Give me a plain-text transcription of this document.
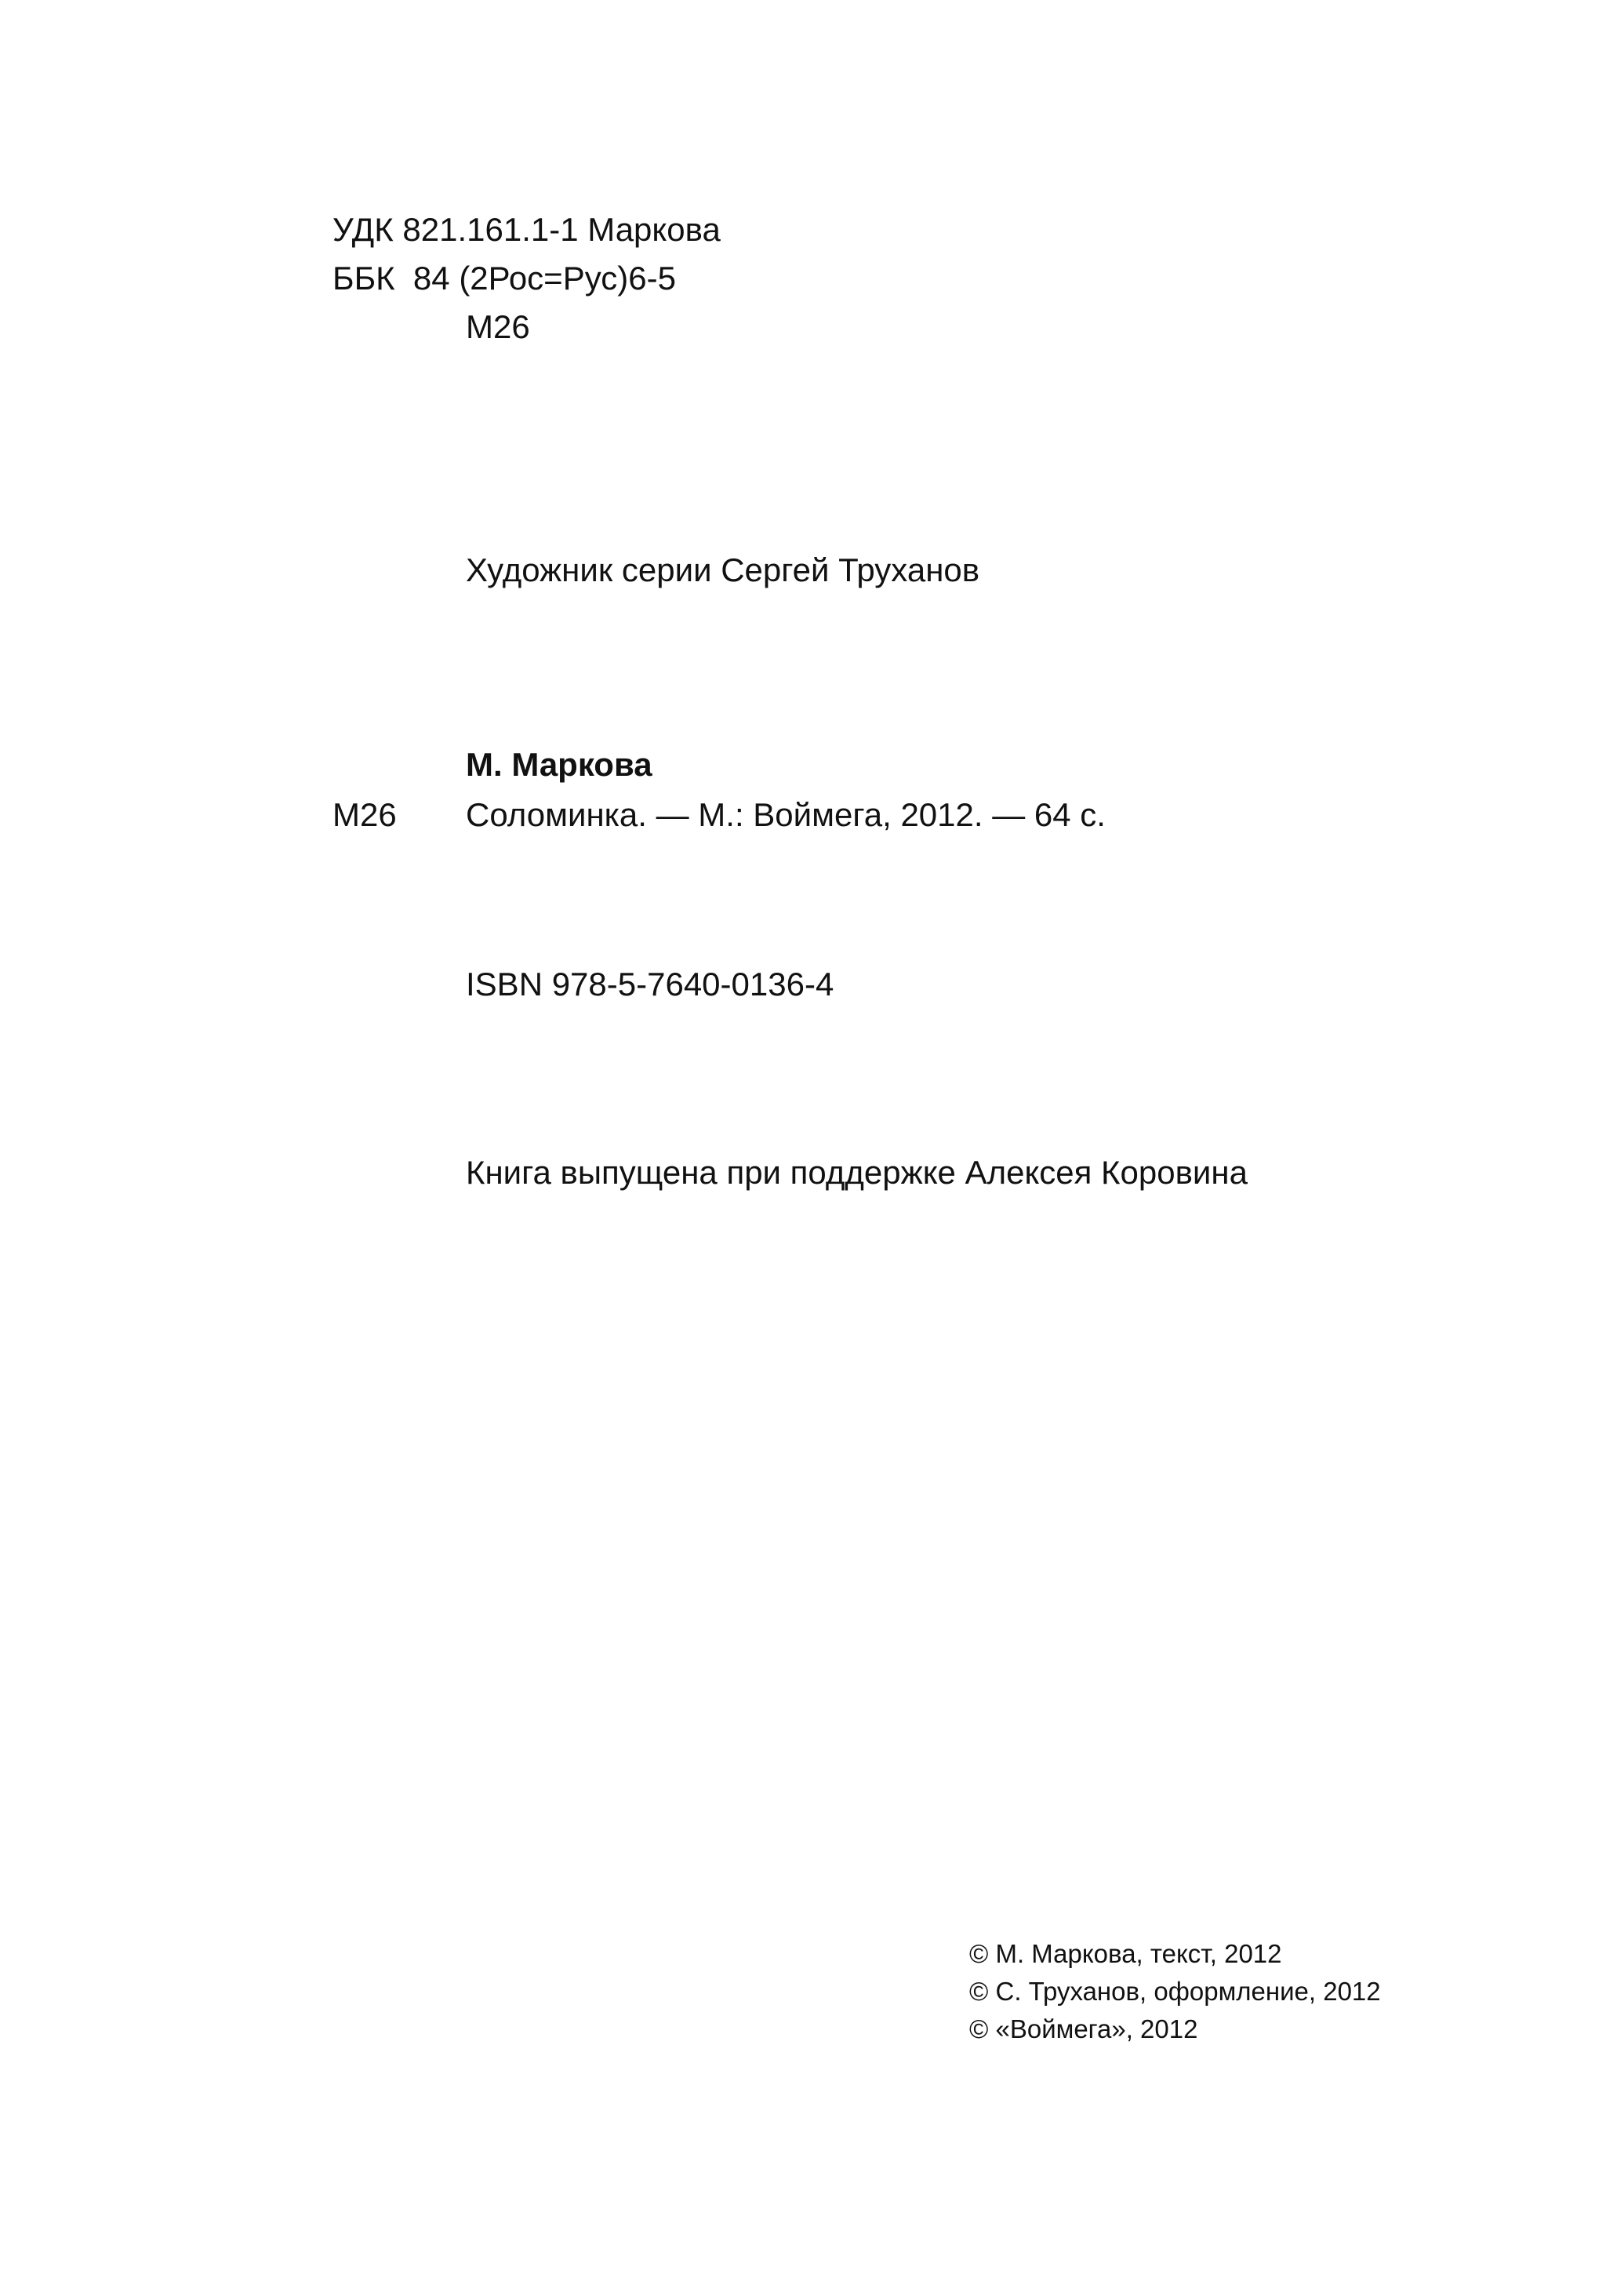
УДК 821.161.1-1 Маркова

ББК  84 (2Рос=Рус)6-5

М26

Художник серии Сергей Труханов

М. Маркова

М26 Соломинка. — М.: Воймега, 2012. — 64 с.

ISBN 978-5-7640-0136-4

Книга выпущена при поддержке Алексея Коровина

© М. Маркова, текст, 2012

© С. Труханов, оформление, 2012

© «Воймега», 2012
